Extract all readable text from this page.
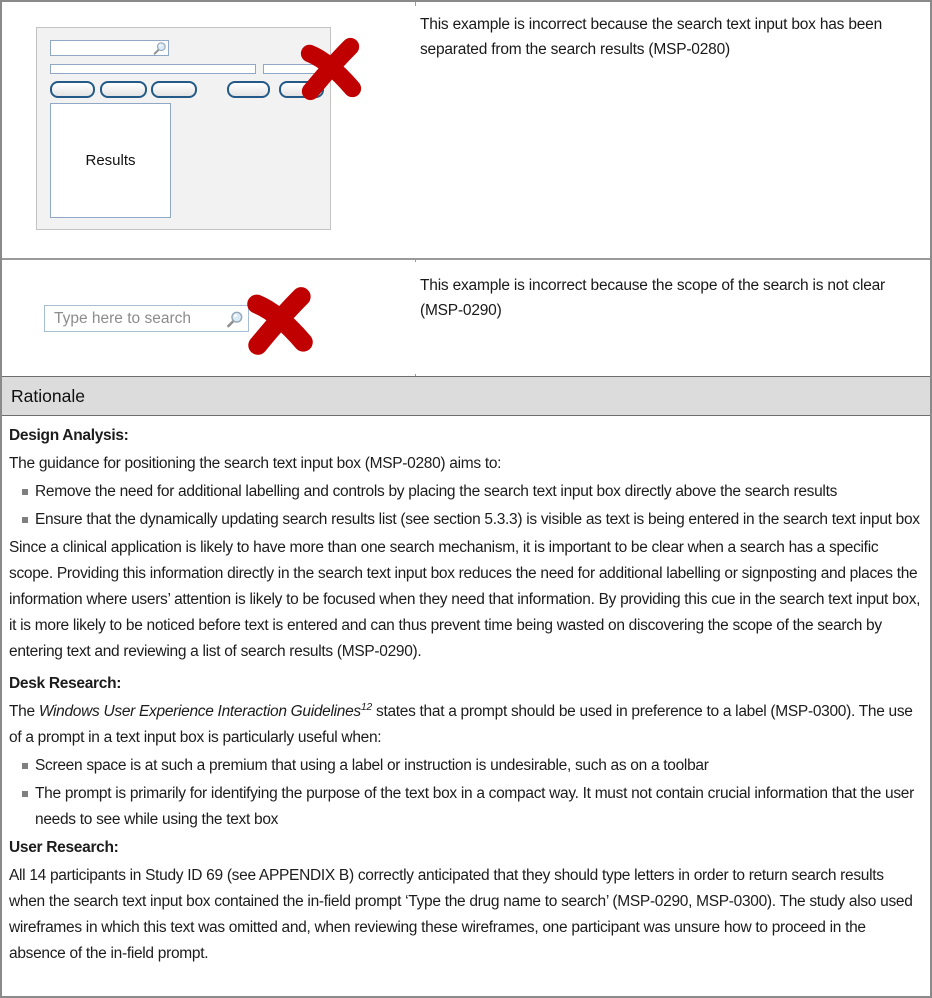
Results
This example is incorrect because the search text input box has been separated from the search results (MSP-0280)
Type here to search
This example is incorrect because the scope of the search is not clear (MSP-0290)
Rationale
Design Analysis:

The guidance for positioning the search text input box (MSP-0280) aims to:

Remove the need for additional labelling and controls by placing the search text input box directly above the search results
Ensure that the dynamically updating search results list (see section 5.3.3) is visible as text is being entered in the search text input box

Since a clinical application is likely to have more than one search mechanism, it is important to be clear when a search has a specific scope. Providing this information directly in the search text input box reduces the need for additional labelling or signposting and places the information where users’ attention is likely to be focused when they need that information. By providing this cue in the search text input box, it is more likely to be noticed before text is entered and can thus prevent time being wasted on discovering the scope of the search by entering text and reviewing a list of search results (MSP-0290).

Desk Research:

The Windows User Experience Interaction Guidelines$^{12}$ states that a prompt should be used in preference to a label (MSP-0300). The use of a prompt in a text input box is particularly useful when:

Screen space is at such a premium that using a label or instruction is undesirable, such as on a toolbar
The prompt is primarily for identifying the purpose of the text box in a compact way. It must not contain crucial information that the user needs to see while using the text box
User Research:

All 14 participants in Study ID 69 (see APPENDIX B) correctly anticipated that they should type letters in order to return search results when the search text input box contained the in-field prompt ‘Type the drug name to search’ (MSP-0290, MSP-0300). The study also used wireframes in which this text was omitted and, when reviewing these wireframes, one participant was unsure how to proceed in the absence of the in-field prompt.
